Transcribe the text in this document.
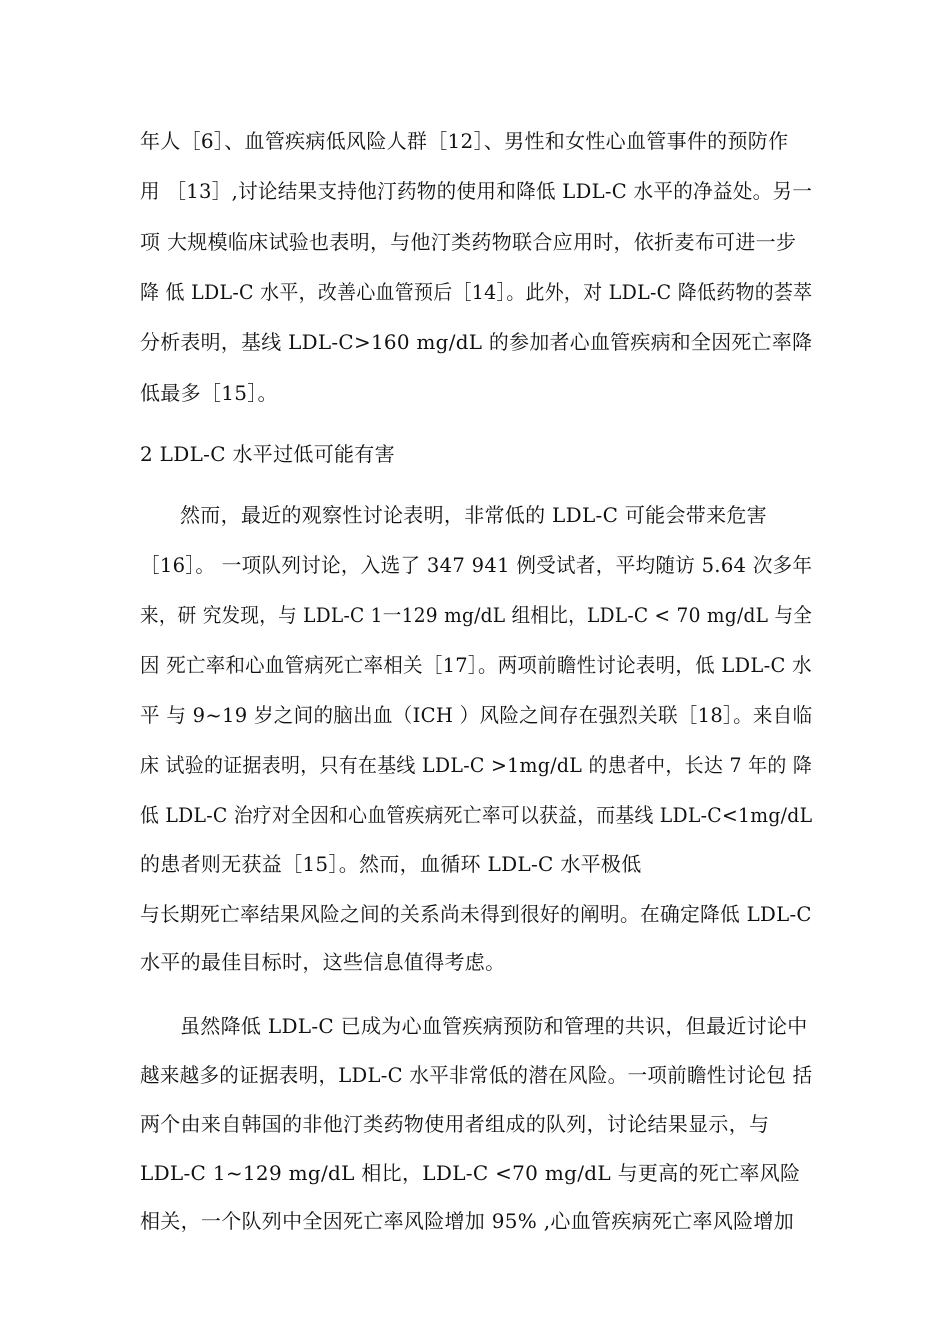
年人［6］、血管疾病低风险人群［12］、男性和女性心血管事件的预防作
用 ［13］,讨论结果支持他汀药物的使用和降低 LDL-C 水平的净益处。另一
项 大规模临床试验也表明，与他汀类药物联合应用时，依折麦布可进一步
降 低 LDL-C 水平，改善心血管预后［14］。此外，对 LDL-C 降低药物的荟萃
分析表明，基线 LDL-C>160 mg/dL 的参加者心血管疾病和全因死亡率降
低最多［15］。
2 LDL-C 水平过低可能有害
然而，最近的观察性讨论表明，非常低的 LDL-C 可能会带来危害
［16］。 一项队列讨论，入选了 347 941 例受试者，平均随访 5.64 次多年
来，研 究发现，与 LDL-C 1一129 mg/dL 组相比，LDL-C < 70 mg/dL 与全
因 死亡率和心血管病死亡率相关［17］。两项前瞻性讨论表明，低 LDL-C 水
平 与 9~19 岁之间的脑出血（ICH ）风险之间存在强烈关联［18］。来自临
床 试验的证据表明，只有在基线 LDL-C >1mg/dL 的患者中，长达 7 年的 降
低 LDL-C 治疗对全因和心血管疾病死亡率可以获益，而基线 LDL-C<1mg/dL
的患者则无获益［15］。然而，血循环 LDL-C 水平极低
与长期死亡率结果风险之间的关系尚未得到很好的阐明。在确定降低 LDL-C
水平的最佳目标时，这些信息值得考虑。
虽然降低 LDL-C 已成为心血管疾病预防和管理的共识，但最近讨论中
越来越多的证据表明，LDL-C 水平非常低的潜在风险。一项前瞻性讨论包 括
两个由来自韩国的非他汀类药物使用者组成的队列，讨论结果显示，与
LDL-C 1~129 mg/dL 相比，LDL-C <70 mg/dL 与更高的死亡率风险
相关，一个队列中全因死亡率风险增加 95% ,心血管疾病死亡率风险增加
